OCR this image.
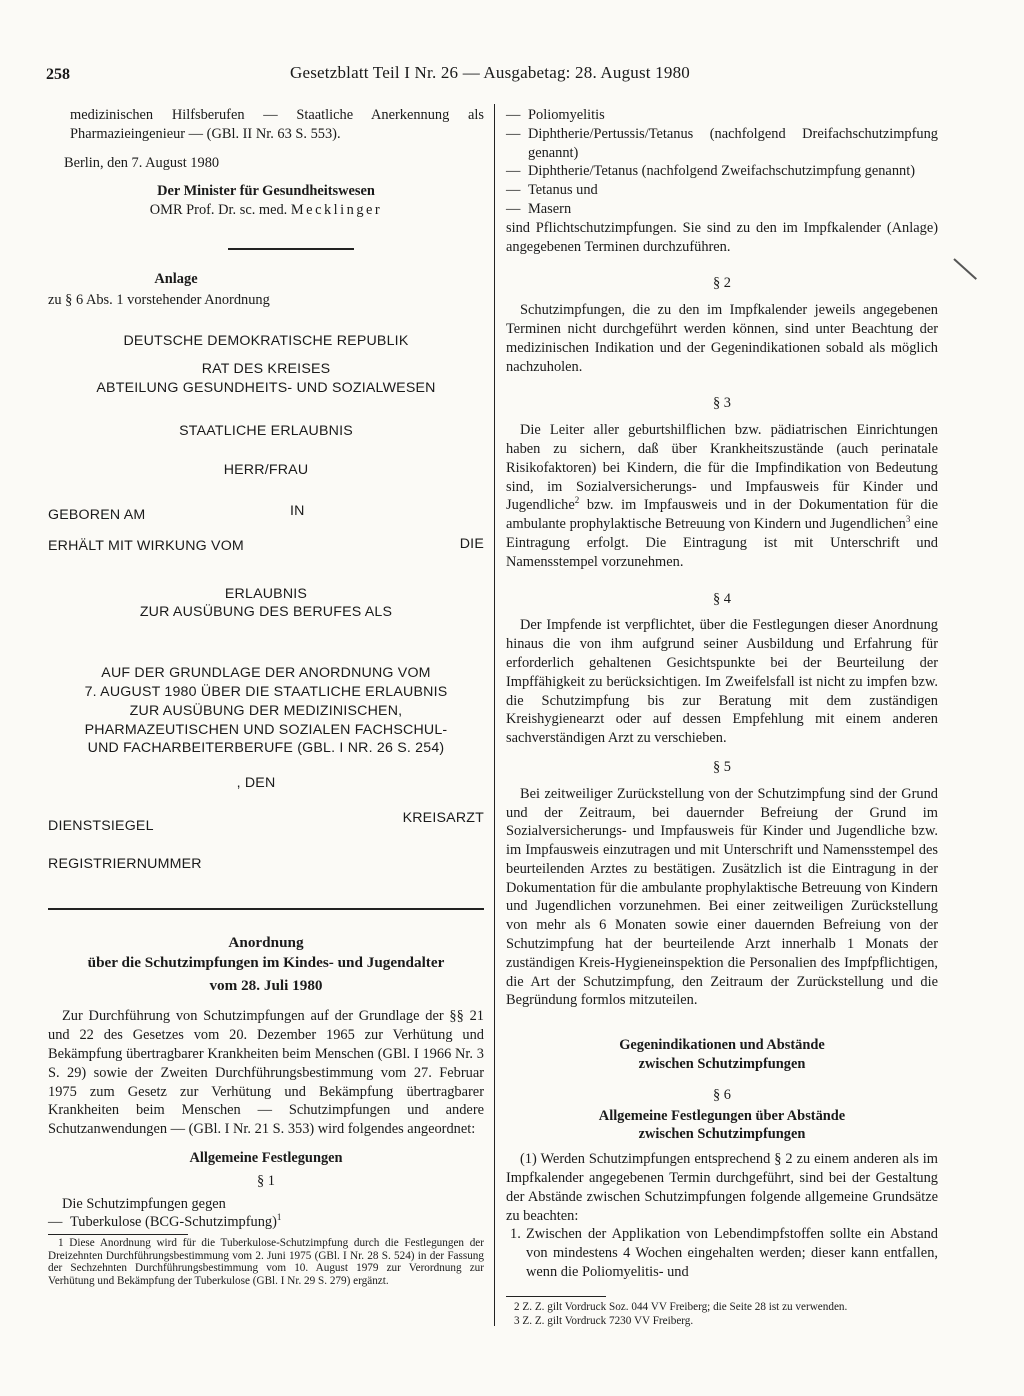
258	Gesetzblatt Teil I Nr. 26 — Ausgabetag: 28. August 1980

medizinischen Hilfsberufen — Staatliche Anerkennung als Pharmazieingenieur — (GBl. II Nr. 63 S. 553).

Berlin, den 7. August 1980

Der Minister für Gesundheitswesen

OMR Prof. Dr. sc. med. Mecklinger

Anlage

zu § 6 Abs. 1 vorstehender Anordnung

DEUTSCHE DEMOKRATISCHE REPUBLIK

RAT DES KREISES

ABTEILUNG GESUNDHEITS- UND SOZIALWESEN

STAATLICHE ERLAUBNIS

HERR/FRAU

GEBOREN AM	IN
ERHÄLT MIT WIRKUNG VOM	DIE

ERLAUBNIS

ZUR AUSÜBUNG DES BERUFES ALS

AUF DER GRUNDLAGE DER ANORDNUNG VOM

7. AUGUST 1980 ÜBER DIE STAATLICHE ERLAUBNIS

ZUR AUSÜBUNG DER MEDIZINISCHEN,

PHARMAZEUTISCHEN UND SOZIALEN FACHSCHUL-

UND FACHARBEITERBERUFE (GBL. I NR. 26 S. 254)

, DEN

DIENSTSIEGEL	KREISARZT

REGISTRIERNUMMER

Anordnung

über die Schutzimpfungen im Kindes- und Jugendalter

vom 28. Juli 1980

Zur Durchführung von Schutzimpfungen auf der Grundlage der §§ 21 und 22 des Gesetzes vom 20. Dezember 1965 zur Verhütung und Bekämpfung übertragbarer Krankheiten beim Menschen (GBl. I 1966 Nr. 3 S. 29) sowie der Zweiten Durchführungsbestimmung vom 27. Februar 1975 zum Gesetz zur Verhütung und Bekämpfung übertragbarer Krankheiten beim Menschen — Schutzimpfungen und andere Schutzanwendungen — (GBl. I Nr. 21 S. 353) wird folgendes angeordnet:

Allgemeine Festlegungen

§ 1

Die Schutzimpfungen gegen

— Tuberkulose (BCG-Schutzimpfung)$^1$

1 Diese Anordnung wird für die Tuberkulose-Schutzimpfung durch die Festlegungen der Dreizehnten Durchführungsbestimmung vom 2. Juni 1975 (GBl. I Nr. 28 S. 524) in der Fassung der Sechzehnten Durchführungsbestimmung vom 10. August 1979 zur Verordnung zur Verhütung und Bekämpfung der Tuberkulose (GBl. I Nr. 29 S. 279) ergänzt.

— Poliomyelitis
— Diphtherie/Pertussis/Tetanus (nachfolgend Dreifachschutzimpfung genannt)
— Diphtherie/Tetanus (nachfolgend Zweifachschutzimpfung genannt)
— Tetanus und
— Masern

sind Pflichtschutzimpfungen. Sie sind zu den im Impfkalender (Anlage) angegebenen Terminen durchzuführen.

§ 2

Schutzimpfungen, die zu den im Impfkalender jeweils angegebenen Terminen nicht durchgeführt werden können, sind unter Beachtung der medizinischen Indikation und der Gegenindikationen sobald als möglich nachzuholen.

§ 3

Die Leiter aller geburtshilflichen bzw. pädiatrischen Einrichtungen haben zu sichern, daß über Krankheitszustände (auch perinatale Risikofaktoren) bei Kindern, die für die Impfindikation von Bedeutung sind, im Sozialversicherungs- und Impfausweis für Kinder und Jugendliche$^2$ bzw. im Impfausweis und in der Dokumentation für die ambulante prophylaktische Betreuung von Kindern und Jugendlichen$^3$ eine Eintragung erfolgt. Die Eintragung ist mit Unterschrift und Namensstempel vorzunehmen.

§ 4

Der Impfende ist verpflichtet, über die Festlegungen dieser Anordnung hinaus die von ihm aufgrund seiner Ausbildung und Erfahrung für erforderlich gehaltenen Gesichtspunkte bei der Beurteilung der Impffähigkeit zu berücksichtigen. Im Zweifelsfall ist nicht zu impfen bzw. die Schutzimpfung bis zur Beratung mit dem zuständigen Kreishygienearzt oder auf dessen Empfehlung mit einem anderen sachverständigen Arzt zu verschieben.

§ 5

Bei zeitweiliger Zurückstellung von der Schutzimpfung sind der Grund und der Zeitraum, bei dauernder Befreiung der Grund im Sozialversicherungs- und Impfausweis für Kinder und Jugendliche bzw. im Impfausweis einzutragen und mit Unterschrift und Namensstempel des beurteilenden Arztes zu bestätigen. Zusätzlich ist die Eintragung in der Dokumentation für die ambulante prophylaktische Betreuung von Kindern und Jugendlichen vorzunehmen. Bei einer zeitweiligen Zurückstellung von mehr als 6 Monaten sowie einer dauernden Befreiung von der Schutzimpfung hat der beurteilende Arzt innerhalb 1 Monats der zuständigen Kreis-Hygieneinspektion die Personalien des Impfpflichtigen, die Art der Schutzimpfung, den Zeitraum der Zurückstellung und die Begründung formlos mitzuteilen.

Gegenindikationen und Abstände

zwischen Schutzimpfungen

§ 6

Allgemeine Festlegungen über Abstände

zwischen Schutzimpfungen

(1) Werden Schutzimpfungen entsprechend § 2 zu einem anderen als im Impfkalender angegebenen Termin durchgeführt, sind bei der Gestaltung der Abstände zwischen Schutzimpfungen folgende allgemeine Grundsätze zu beachten:

1. Zwischen der Applikation von Lebendimpfstoffen sollte ein Abstand von mindestens 4 Wochen eingehalten werden; dieser kann entfallen, wenn die Poliomyelitis- und

2 Z. Z. gilt Vordruck Soz. 044 VV Freiberg; die Seite 28 ist zu verwenden.

3 Z. Z. gilt Vordruck 7230 VV Freiberg.
